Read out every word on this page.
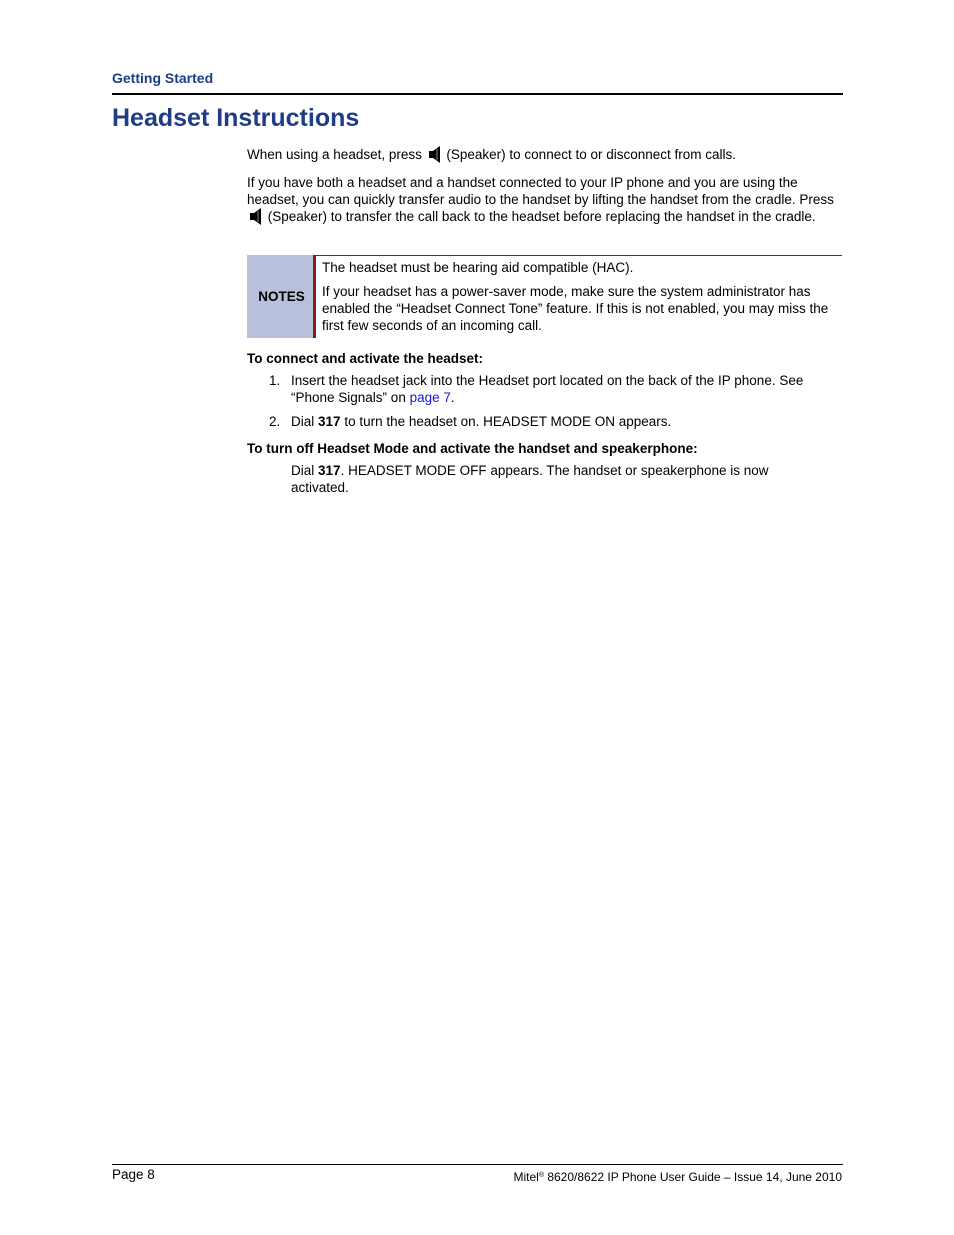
Getting Started
Headset Instructions

When using a headset, press (Speaker) to connect to or disconnect from calls.

If you have both a headset and a handset connected to your IP phone and you are using the headset, you can quickly transfer audio to the handset by lifting the handset from the cradle. Press  (Speaker) to transfer the call back to the headset before replacing the handset in the cradle.

NOTES
The headset must be hearing aid compatible (HAC).
If your headset has a power-saver mode, make sure the system administrator has enabled the “Headset Connect Tone” feature. If this is not enabled, you may miss the first few seconds of an incoming call.

To connect and activate the headset:

1. Insert the headset jack into the Headset port located on the back of the IP phone. See “Phone Signals” on page 7.
2. Dial 317 to turn the headset on. HEADSET MODE ON appears.

To turn off Headset Mode and activate the handset and speakerphone:

Dial 317. HEADSET MODE OFF appears. The handset or speakerphone is now activated.
Page 8	Mitel® 8620/8622 IP Phone User Guide – Issue 14, June 2010
